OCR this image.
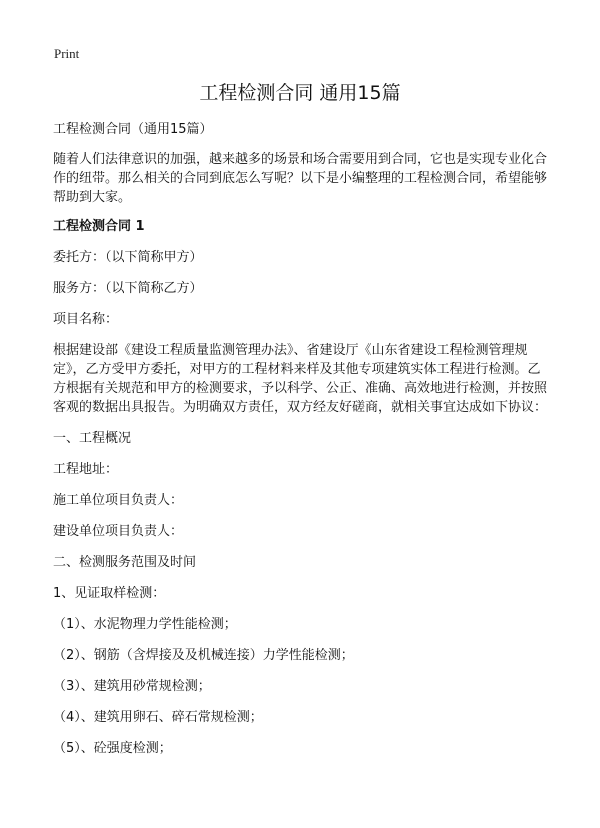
Print
工程检测合同 通用15篇

工程检测合同（通用15篇）

随着人们法律意识的加强，越来越多的场景和场合需要用到合同，它也是实现专业化合作的纽带。那么相关的合同到底怎么写呢？以下是小编整理的工程检测合同，希望能够帮助到大家。

工程检测合同 1

委托方：（以下简称甲方）

服务方：（以下简称乙方）

项目名称：

根据建设部《建设工程质量监测管理办法》、省建设厅《山东省建设工程检测管理规定》，乙方受甲方委托，对甲方的工程材料来样及其他专项建筑实体工程进行检测。乙方根据有关规范和甲方的检测要求，予以科学、公正、准确、高效地进行检测，并按照客观的数据出具报告。为明确双方责任，双方经友好磋商，就相关事宜达成如下协议：

一、工程概况

工程地址：

施工单位项目负责人：

建设单位项目负责人：

二、检测服务范围及时间

1、见证取样检测：

（1）、水泥物理力学性能检测；

（2）、钢筋（含焊接及及机械连接）力学性能检测；

（3）、建筑用砂常规检测；

（4）、建筑用卵石、碎石常规检测；

（5）、砼强度检测；
